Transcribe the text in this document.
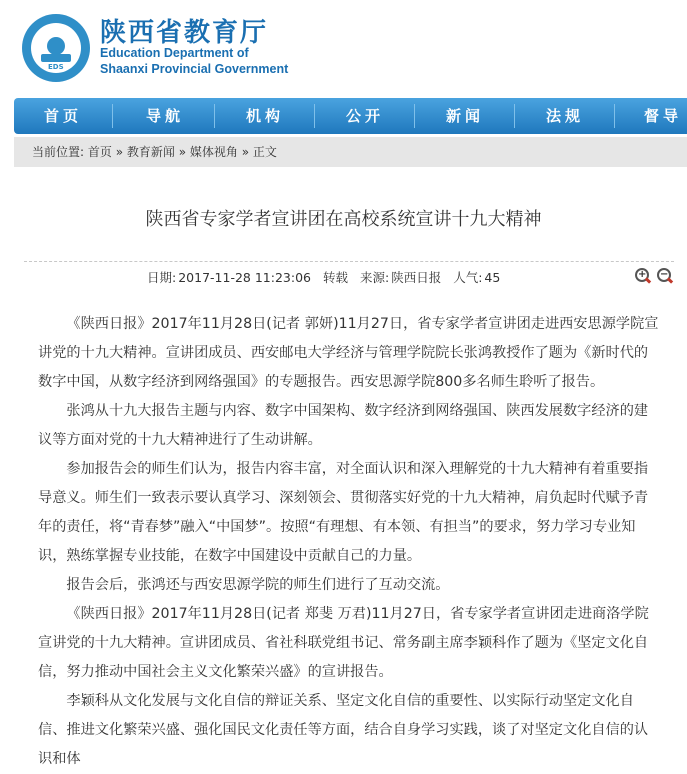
EDS
陕西省教育厅
Education Department of
Shaanxi Provincial Government
首页	导航	机构	公开	新闻	法规	督导
当前位置: 首页 » 教育新闻 » 媒体视角 » 正文
陕西省专家学者宣讲团在高校系统宣讲十九大精神
日期: 2017-11-28 11:23:06 转载 来源: 陕西日报 人气: 45	+ −

《陕西日报》2017年11月28日(记者 郭妍)11月27日，省专家学者宣讲团走进西安思源学院宣讲党的十九大精神。宣讲团成员、西安邮电大学经济与管理学院院长张鸿教授作了题为《新时代的数字中国，从数字经济到网络强国》的专题报告。西安思源学院800多名师生聆听了报告。

张鸿从十九大报告主题与内容、数字中国架构、数字经济到网络强国、陕西发展数字经济的建议等方面对党的十九大精神进行了生动讲解。

参加报告会的师生们认为，报告内容丰富，对全面认识和深入理解党的十九大精神有着重要指导意义。师生们一致表示要认真学习、深刻领会、贯彻落实好党的十九大精神，肩负起时代赋予青年的责任，将“青春梦”融入“中国梦”。按照“有理想、有本领、有担当”的要求，努力学习专业知识，熟练掌握专业技能，在数字中国建设中贡献自己的力量。

报告会后，张鸿还与西安思源学院的师生们进行了互动交流。

《陕西日报》2017年11月28日(记者 郑斐 万君)11月27日，省专家学者宣讲团走进商洛学院宣讲党的十九大精神。宣讲团成员、省社科联党组书记、常务副主席李颖科作了题为《坚定文化自信，努力推动中国社会主义文化繁荣兴盛》的宣讲报告。

李颖科从文化发展与文化自信的辩证关系、坚定文化自信的重要性、以实际行动坚定文化自信、推进文化繁荣兴盛、强化国民文化责任等方面，结合自身学习实践，谈了对坚定文化自信的认识和体
